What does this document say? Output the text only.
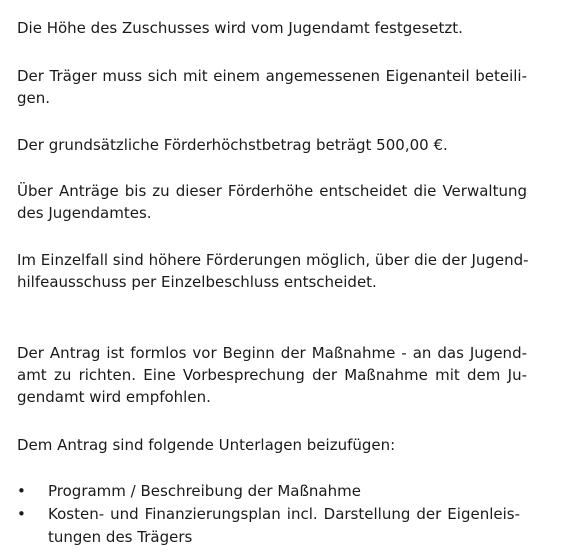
Die Höhe des Zuschusses wird vom Jugendamt festgesetzt.

Der Träger muss sich mit einem angemessenen Eigenanteil beteili-
gen.

Der grundsätzliche Förderhöchstbetrag beträgt 500,00 €.

Über Anträge bis zu dieser Förderhöhe entscheidet die Verwaltung
des Jugendamtes.

Im Einzelfall sind höhere Förderungen möglich, über die der Jugend-
hilfeausschuss per Einzelbeschluss entscheidet.

Der Antrag ist formlos vor Beginn der Maßnahme - an das Jugend-
amt zu richten. Eine Vorbesprechung der Maßnahme mit dem Ju-
gendamt wird empfohlen.

Dem Antrag sind folgende Unterlagen beizufügen:

• Programm / Beschreibung der Maßnahme
• Kosten- und Finanzierungsplan incl. Darstellung der Eigenleis-
tungen des Trägers
